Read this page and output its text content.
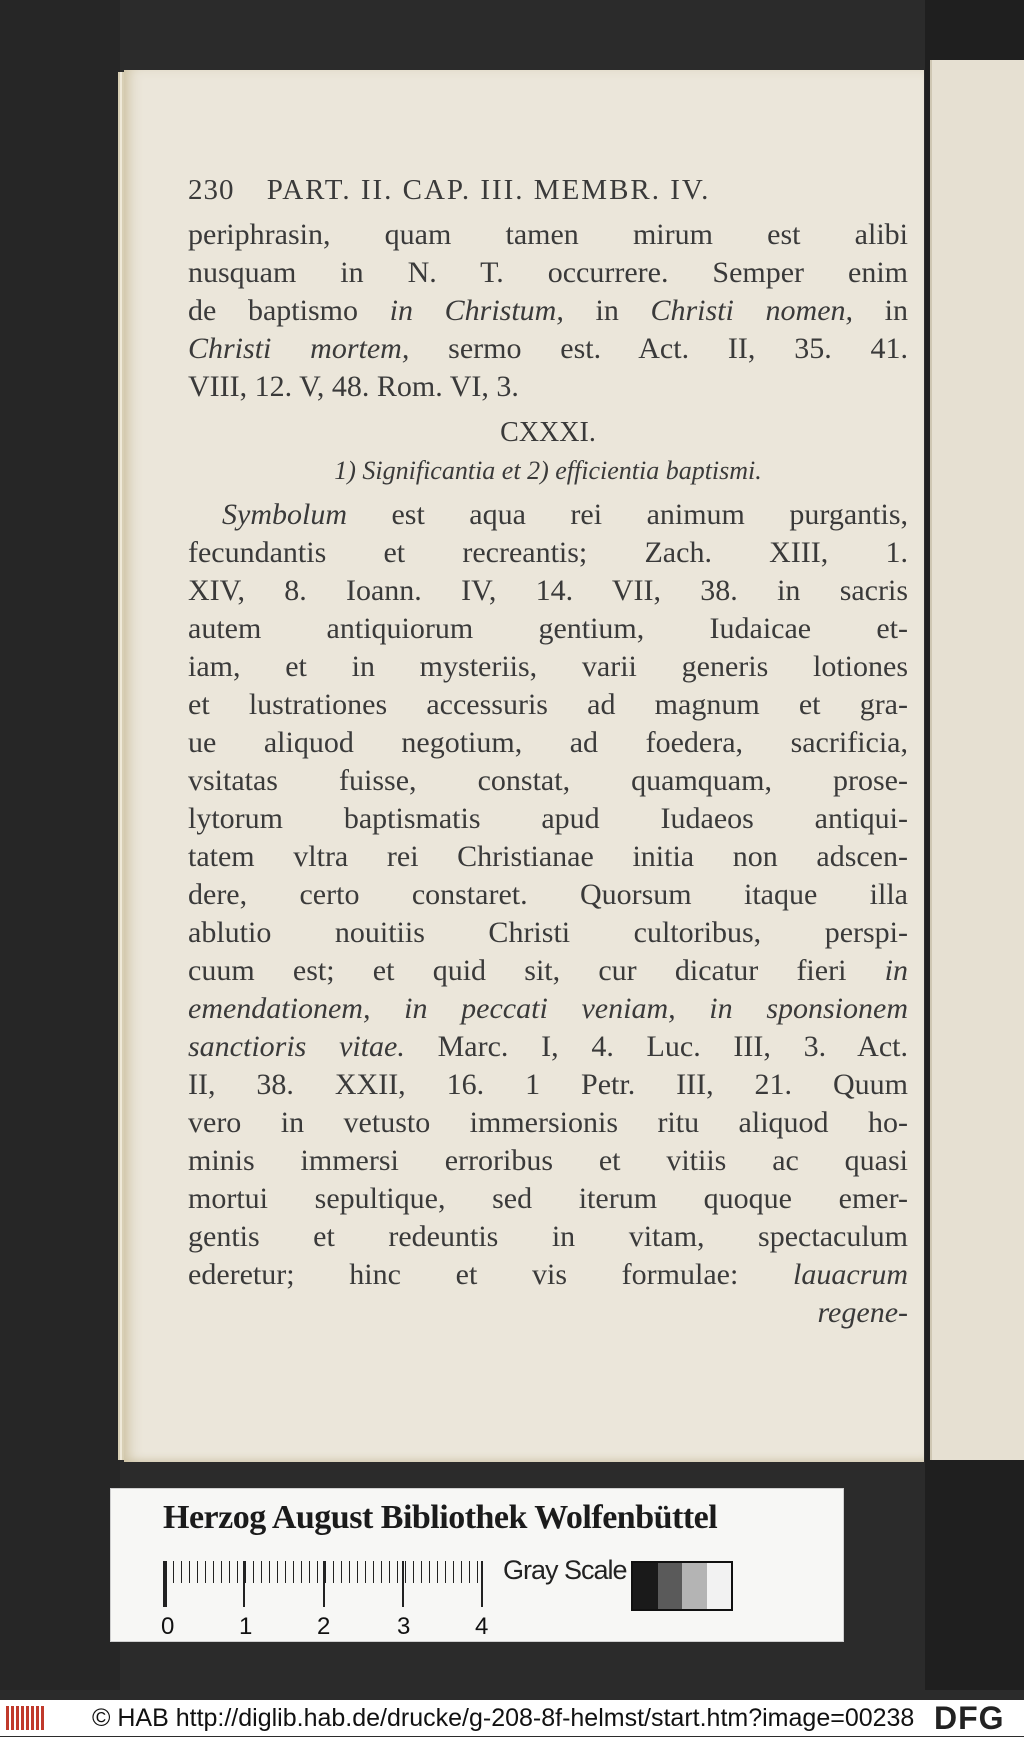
230 PART. II. CAP. III. MEMBR. IV.
periphrasin, quam tamen mirum est alibi
nusquam in N. T. occurrere. Semper enim
de baptismo in Christum, in Christi nomen, in
Christi mortem, sermo est. Act. II, 35. 41.
VIII, 12. V, 48. Rom. VI, 3.
CXXXI.
1) Significantia et 2) efficientia baptismi.
Symbolum est aqua rei animum purgantis,
fecundantis et recreantis; Zach. XIII, 1.
XIV, 8. Ioann. IV, 14. VII, 38. in sacris
autem antiquiorum gentium, Iudaicae et-
iam, et in mysteriis, varii generis lotiones
et lustrationes accessuris ad magnum et gra-
ue aliquod negotium, ad foedera, sacrificia,
vsitatas fuisse, constat, quamquam, prose-
lytorum baptismatis apud Iudaeos antiqui-
tatem vltra rei Christianae initia non adscen-
dere, certo constaret. Quorsum itaque illa
ablutio nouitiis Christi cultoribus, perspi-
cuum est; et quid sit, cur dicatur fieri in
emendationem, in peccati veniam, in sponsionem
sanctioris vitae. Marc. I, 4. Luc. III, 3. Act.
II, 38. XXII, 16. 1 Petr. III, 21. Quum
vero in vetusto immersionis ritu aliquod ho-
minis immersi erroribus et vitiis ac quasi
mortui sepultique, sed iterum quoque emer-
gentis et redeuntis in vitam, spectaculum
ederetur; hinc et vis formulae: lauacrum
regene-
Herzog August Bibliothek Wolfenbüttel
0	1	2	3	4
Gray Scale
© HAB http://diglib.hab.de/drucke/g-208-8f-helmst/start.htm?image=00238 DFG
